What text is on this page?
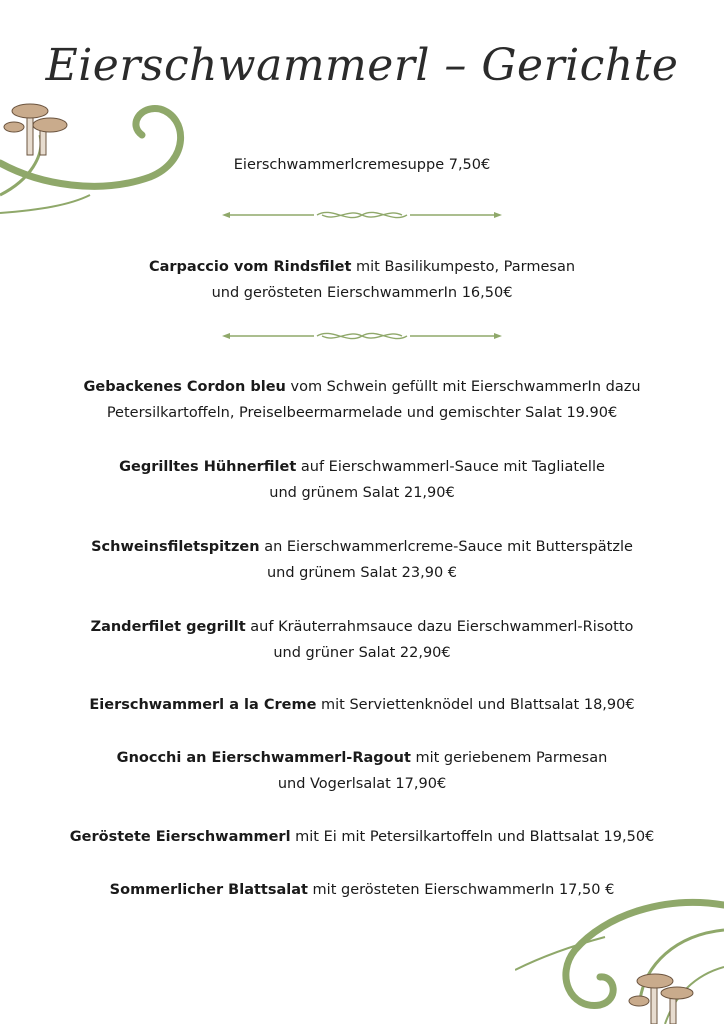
Eierschwammerl – Gerichte
Eierschwammerlcremesuppe 7,50€
Carpaccio vom Rindsfilet mit Basilikumpesto, Parmesan
und gerösteten EierschwammerIn 16,50€
Gebackenes Cordon bleu vom Schwein gefüllt mit EierschwammerIn dazu
Petersilkartoffeln, Preiselbeermarmelade und gemischter Salat 19.90€
Gegrilltes Hühnerfilet auf Eierschwammerl-Sauce mit Tagliatelle
und grünem Salat 21,90€
Schweinsfiletspitzen an Eierschwammerlcreme-Sauce mit Butterspätzle
und grünem Salat 23,90 €
Zanderfilet gegrillt auf Kräuterrahmsauce dazu Eierschwammerl-Risotto
und grüner Salat 22,90€
Eierschwammerl a la Creme mit Serviettenknödel und Blattsalat 18,90€
Gnocchi an Eierschwammerl-Ragout mit geriebenem Parmesan
und Vogerlsalat 17,90€
Geröstete Eierschwammerl mit Ei mit Petersilkartoffeln und Blattsalat 19,50€
Sommerlicher Blattsalat mit gerösteten EierschwammerIn 17,50 €
